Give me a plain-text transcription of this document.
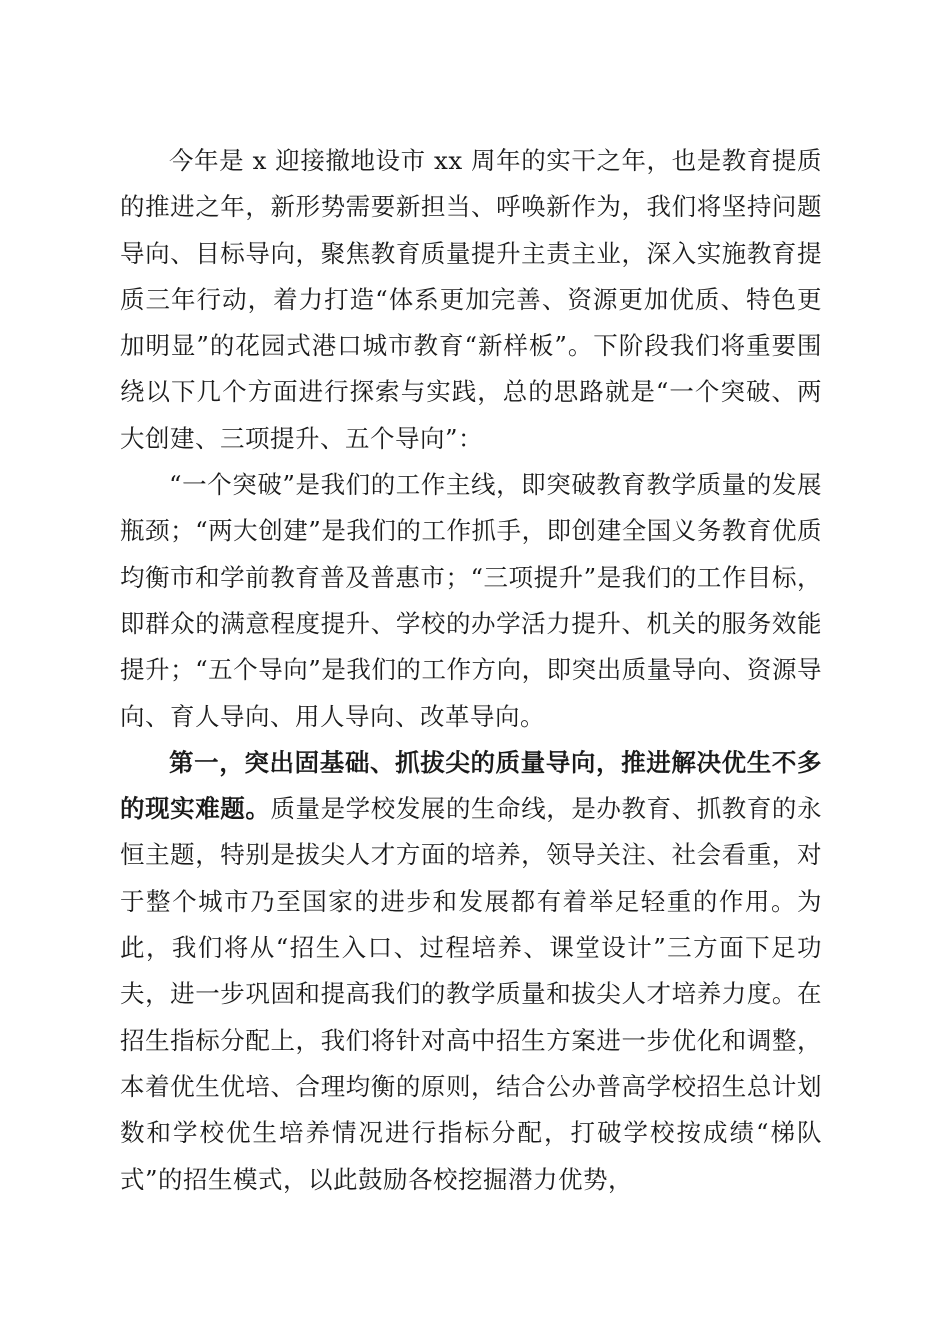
今年是 x 迎接撤地设市 xx 周年的实干之年，也是教育提质的推进之年，新形势需要新担当、呼唤新作为，我们将坚持问题导向、目标导向，聚焦教育质量提升主责主业，深入实施教育提质三年行动，着力打造“体系更加完善、资源更加优质、特色更加明显”的花园式港口城市教育“新样板”。下阶段我们将重要围绕以下几个方面进行探索与实践，总的思路就是“一个突破、两大创建、三项提升、五个导向”：

“一个突破”是我们的工作主线，即突破教育教学质量的发展瓶颈；“两大创建”是我们的工作抓手，即创建全国义务教育优质均衡市和学前教育普及普惠市；“三项提升”是我们的工作目标，即群众的满意程度提升、学校的办学活力提升、机关的服务效能提升；“五个导向”是我们的工作方向，即突出质量导向、资源导向、育人导向、用人导向、改革导向。

第一，突出固基础、抓拔尖的质量导向，推进解决优生不多的现实难题。质量是学校发展的生命线，是办教育、抓教育的永恒主题，特别是拔尖人才方面的培养，领导关注、社会看重，对于整个城市乃至国家的进步和发展都有着举足轻重的作用。为此，我们将从“招生入口、过程培养、课堂设计”三方面下足功夫，进一步巩固和提高我们的教学质量和拔尖人才培养力度。在招生指标分配上，我们将针对高中招生方案进一步优化和调整，本着优生优培、合理均衡的原则，结合公办普高学校招生总计划数和学校优生培养情况进行指标分配，打破学校按成绩“梯队式”的招生模式，以此鼓励各校挖掘潜力优势，
